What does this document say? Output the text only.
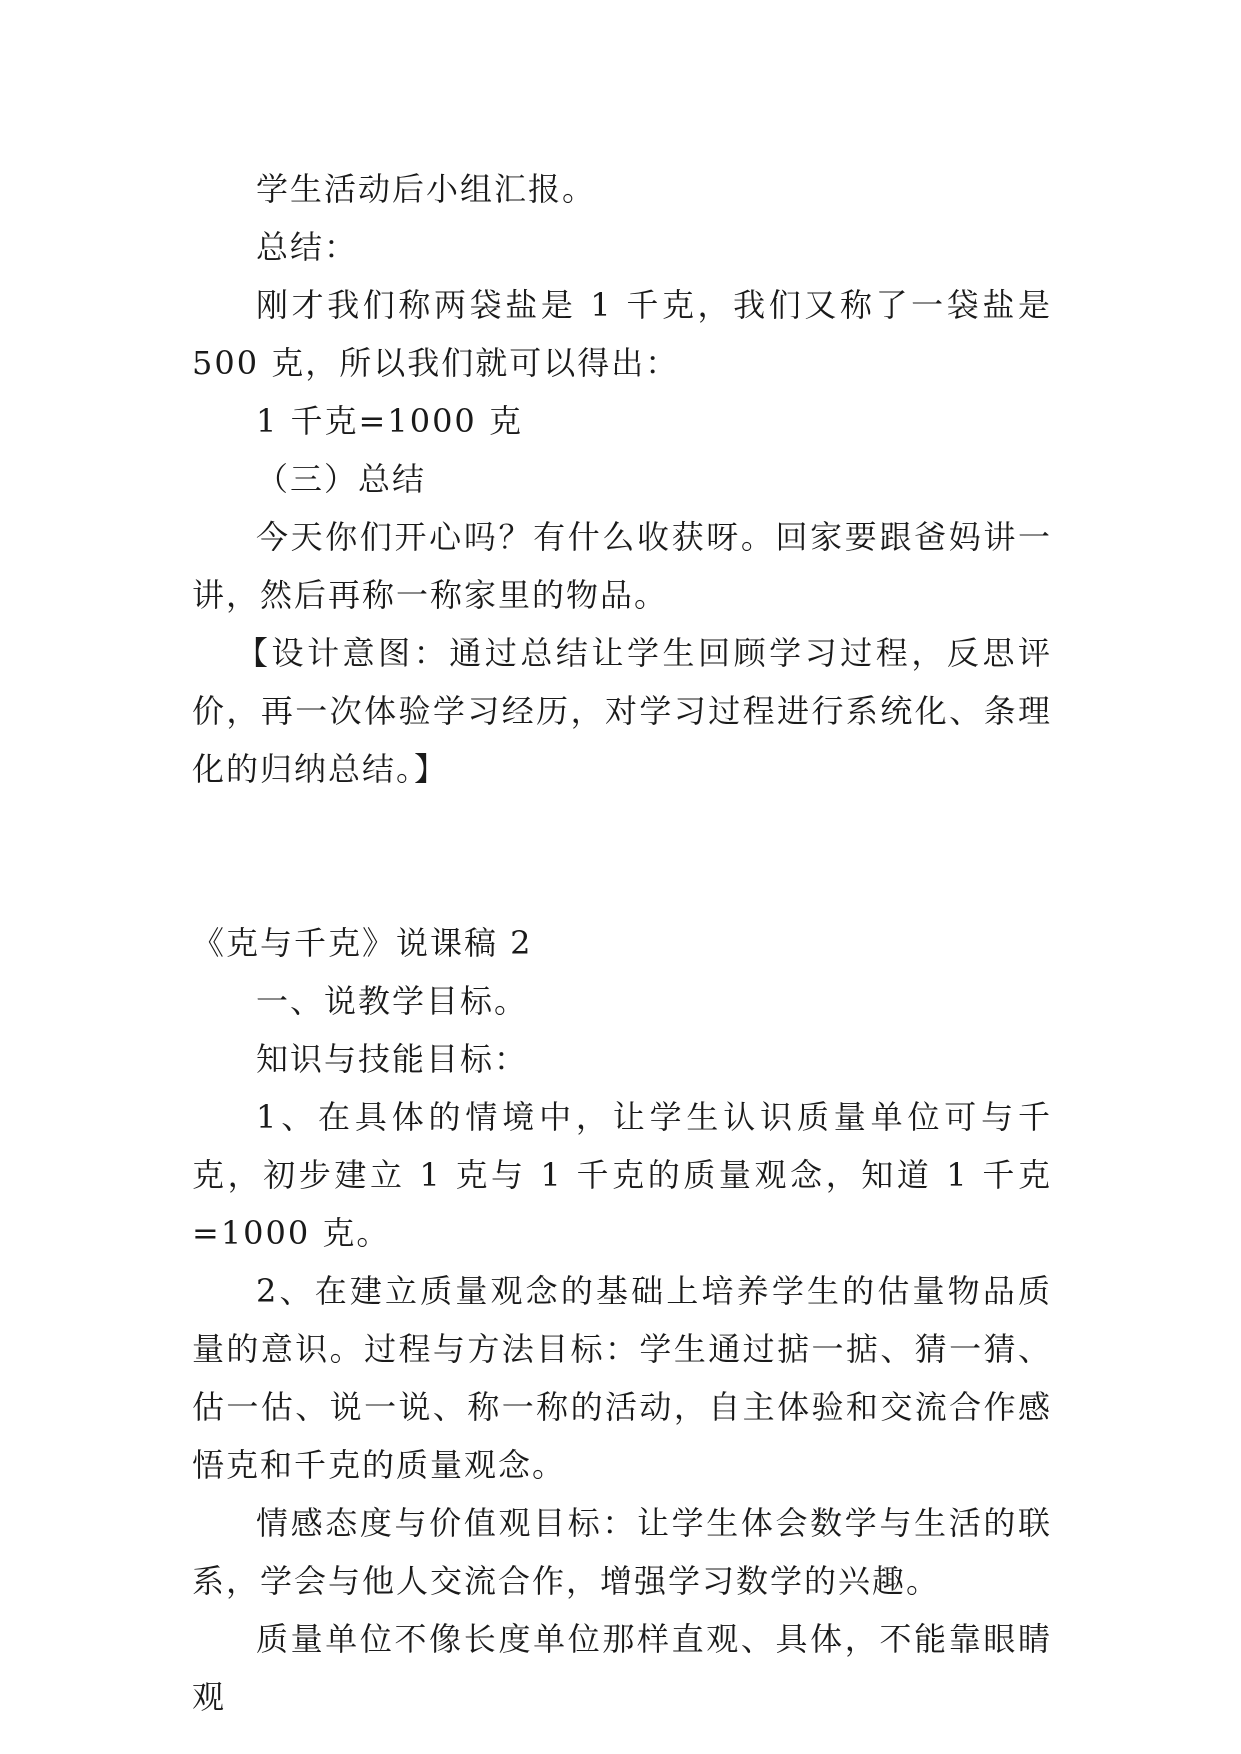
学生活动后小组汇报。

总结：

刚才我们称两袋盐是 1 千克，我们又称了一袋盐是 500 克，所以我们就可以得出：

1 千克=1000 克

（三）总结

今天你们开心吗？有什么收获呀。回家要跟爸妈讲一讲，然后再称一称家里的物品。

【设计意图：通过总结让学生回顾学习过程，反思评价，再一次体验学习经历，对学习过程进行系统化、条理化的归纳总结。】

《克与千克》说课稿 2

一、说教学目标。

知识与技能目标：

1、在具体的情境中，让学生认识质量单位可与千克，初步建立 1 克与 1 千克的质量观念，知道 1 千克=1000 克。

2、在建立质量观念的基础上培养学生的估量物品质量的意识。过程与方法目标：学生通过掂一掂、猜一猜、估一估、说一说、称一称的活动，自主体验和交流合作感悟克和千克的质量观念。

情感态度与价值观目标：让学生体会数学与生活的联系，学会与他人交流合作，增强学习数学的兴趣。

质量单位不像长度单位那样直观、具体，不能靠眼睛观
